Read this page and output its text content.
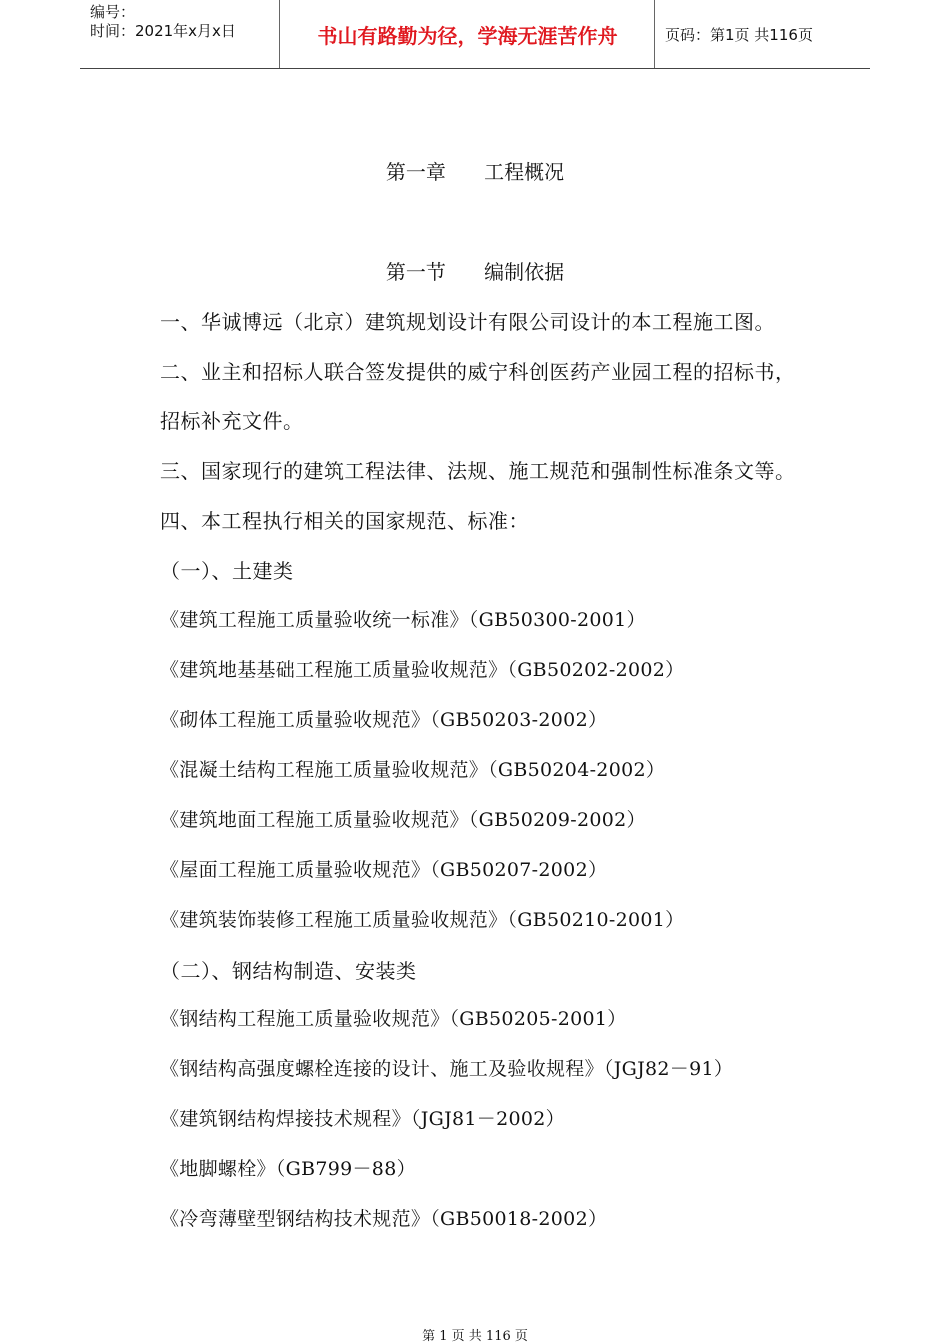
编号：
时间：2021年x月x日	书山有路勤为径，学海无涯苦作舟	页码：第1页 共116页
第一章      工程概况
第一节      编制依据
一、华诚博远（北京）建筑规划设计有限公司设计的本工程施工图。
二、业主和招标人联合签发提供的威宁科创医药产业园工程的招标书，
招标补充文件。
三、国家现行的建筑工程法律、法规、施工规范和强制性标准条文等。
四、本工程执行相关的国家规范、标准：
（一）、土建类
《建筑工程施工质量验收统一标准》（GB50300-2001）
《建筑地基基础工程施工质量验收规范》（GB50202-2002）
《砌体工程施工质量验收规范》（GB50203-2002）
《混凝土结构工程施工质量验收规范》（GB50204-2002）
《建筑地面工程施工质量验收规范》（GB50209-2002）
《屋面工程施工质量验收规范》（GB50207-2002）
《建筑装饰装修工程施工质量验收规范》（GB50210-2001）
（二）、钢结构制造、安装类
《钢结构工程施工质量验收规范》（GB50205-2001）
《钢结构高强度螺栓连接的设计、施工及验收规程》（JGJ82－91）
《建筑钢结构焊接技术规程》（JGJ81－2002）
《地脚螺栓》（GB799－88）
《冷弯薄壁型钢结构技术规范》（GB50018-2002）
第 1 页 共 116 页
